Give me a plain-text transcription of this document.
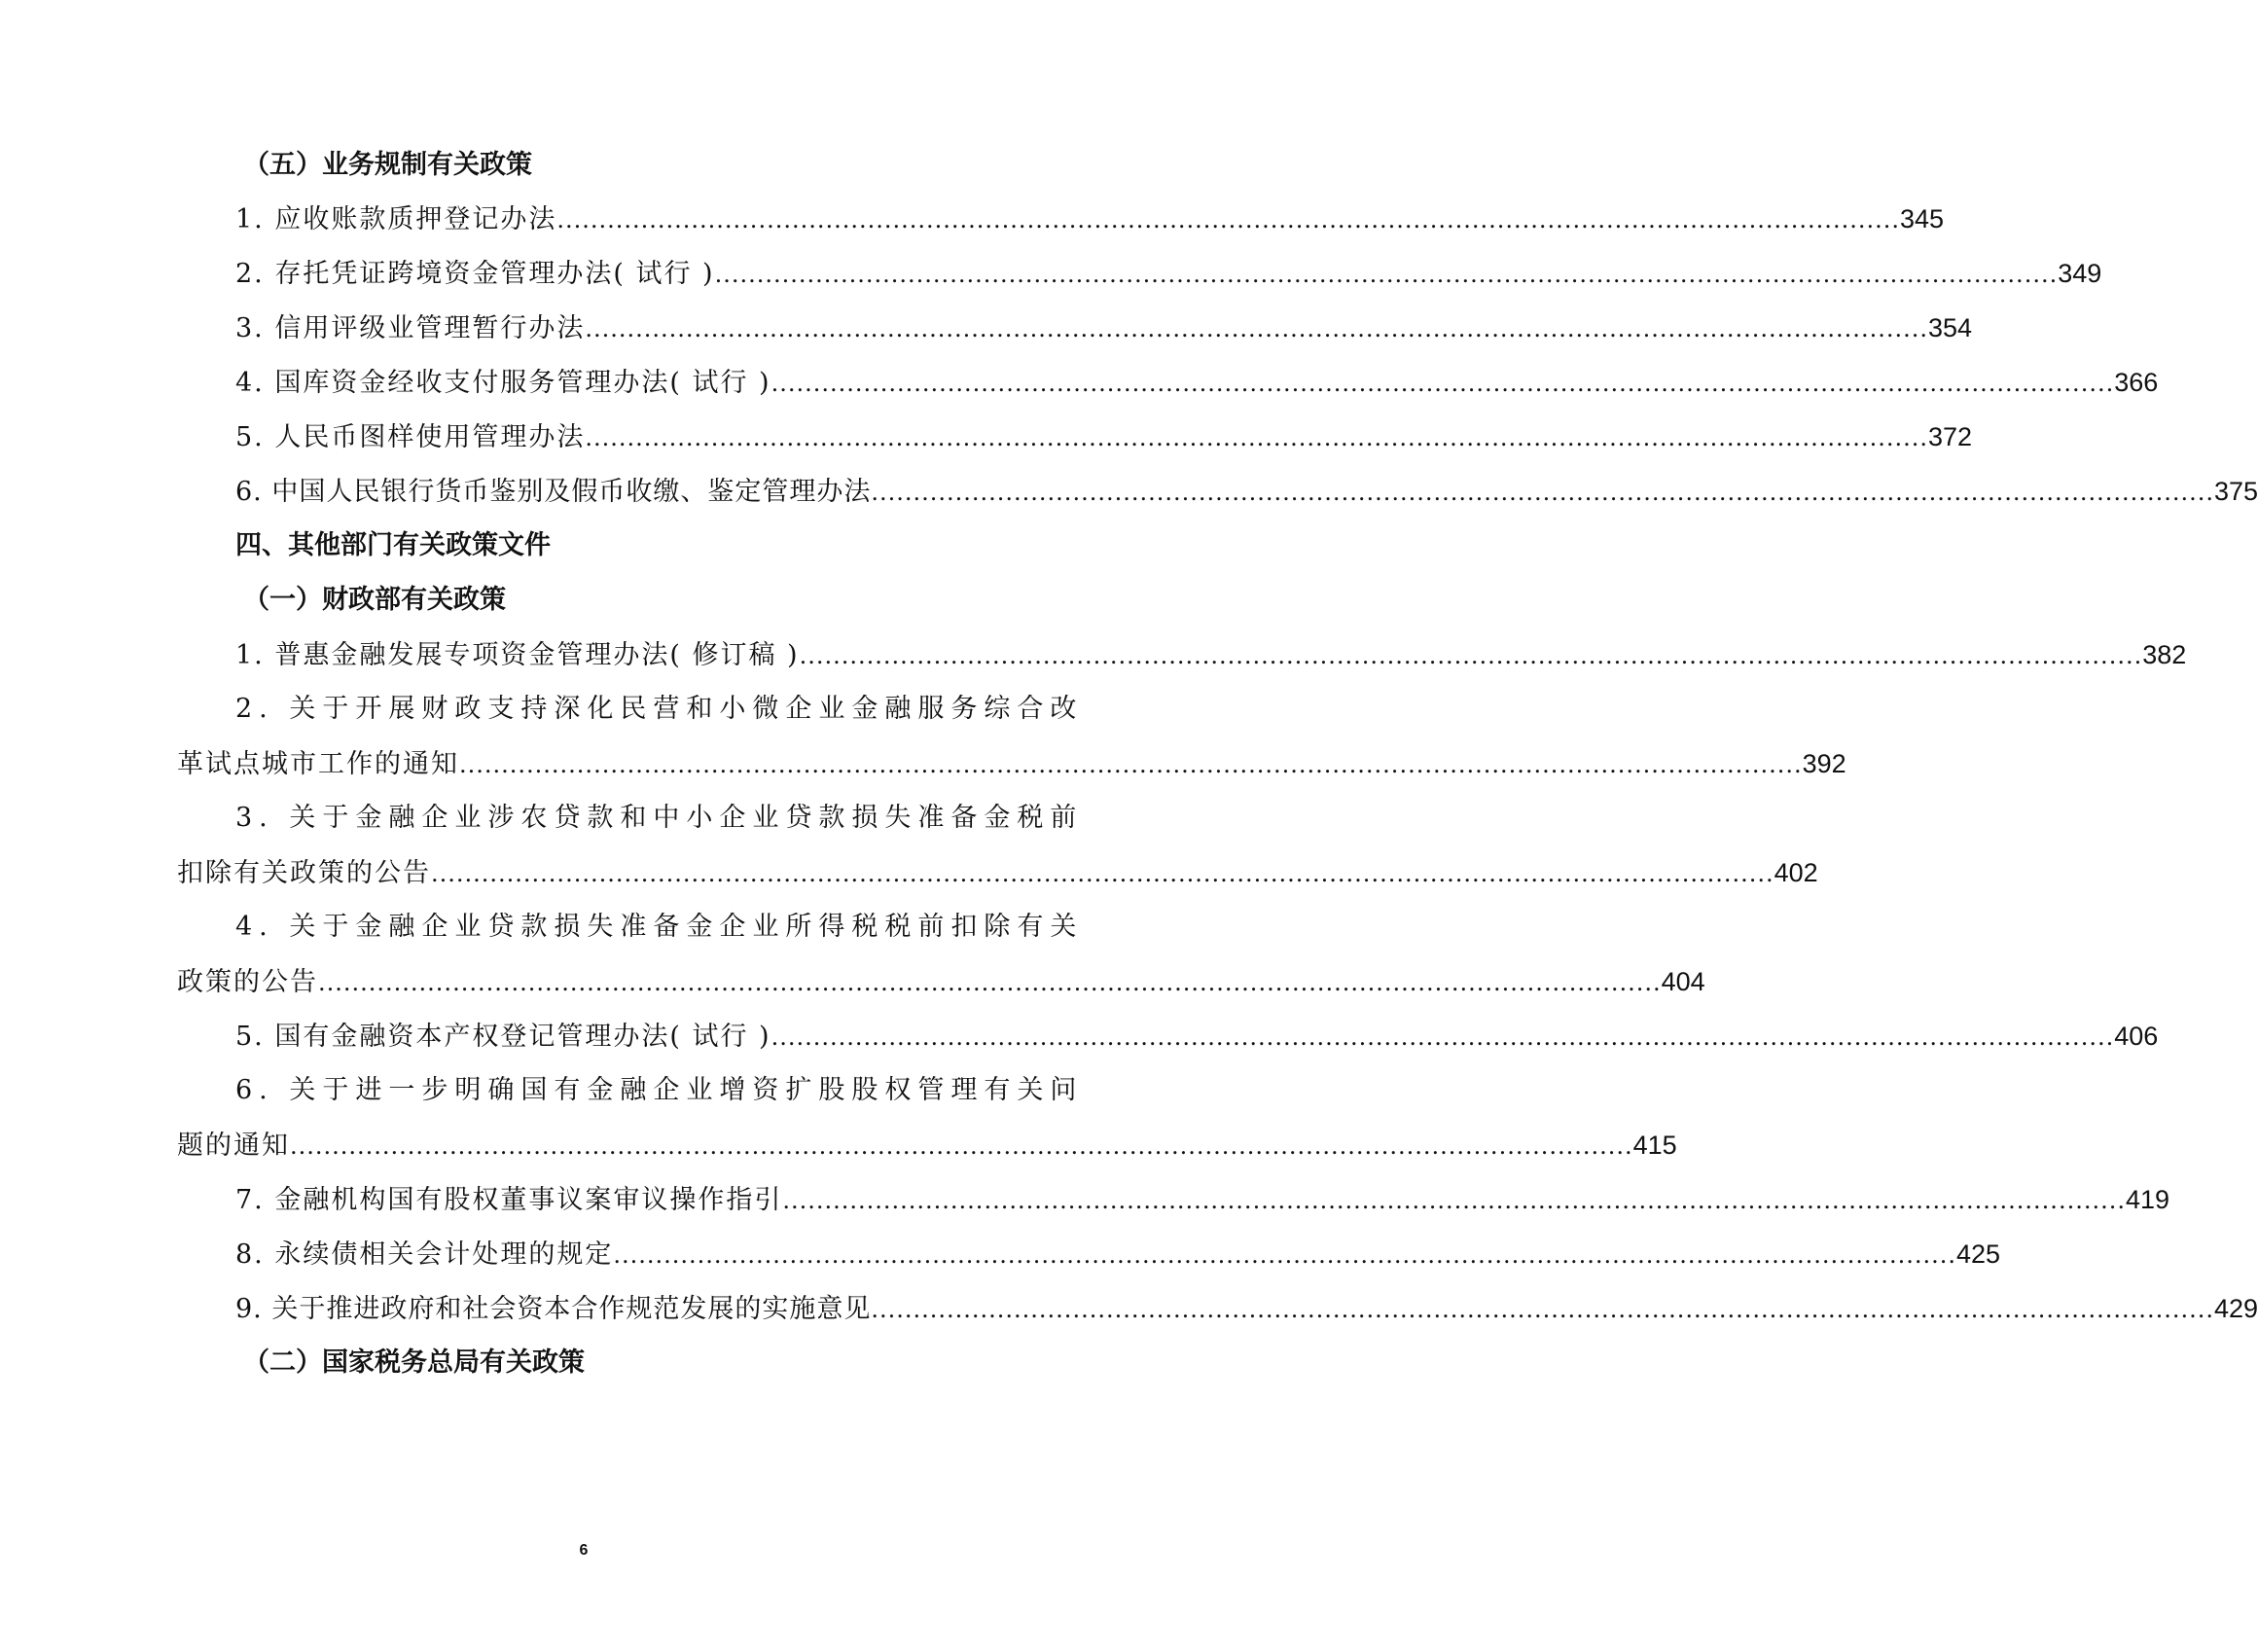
（五）业务规制有关政策
1. 应收账款质押登记办法 .....	345
2. 存托凭证跨境资金管理办法( 试行 ) .....	349
3. 信用评级业管理暂行办法 .....	354
4. 国库资金经收支付服务管理办法( 试行 ) .....	366
5. 人民币图样使用管理办法 .....	372
6. 中国人民银行货币鉴别及假币收缴、鉴定管理办法 .....	375
四、其他部门有关政策文件
（一）财政部有关政策
1. 普惠金融发展专项资金管理办法( 修订稿 ) .....	382
2. 关于开展财政支持深化民营和小微企业金融服务综合改
革试点城市工作的通知 .....	392
3. 关于金融企业涉农贷款和中小企业贷款损失准备金税前
扣除有关政策的公告 .....	402
4. 关于金融企业贷款损失准备金企业所得税税前扣除有关
政策的公告 .....	404
5. 国有金融资本产权登记管理办法( 试行 ) .....	406
6. 关于进一步明确国有金融企业增资扩股股权管理有关问
题的通知 .....	415
7. 金融机构国有股权董事议案审议操作指引 .....	419
8. 永续债相关会计处理的规定 .....	425
9. 关于推进政府和社会资本合作规范发展的实施意见 .....	429
（二）国家税务总局有关政策
6
